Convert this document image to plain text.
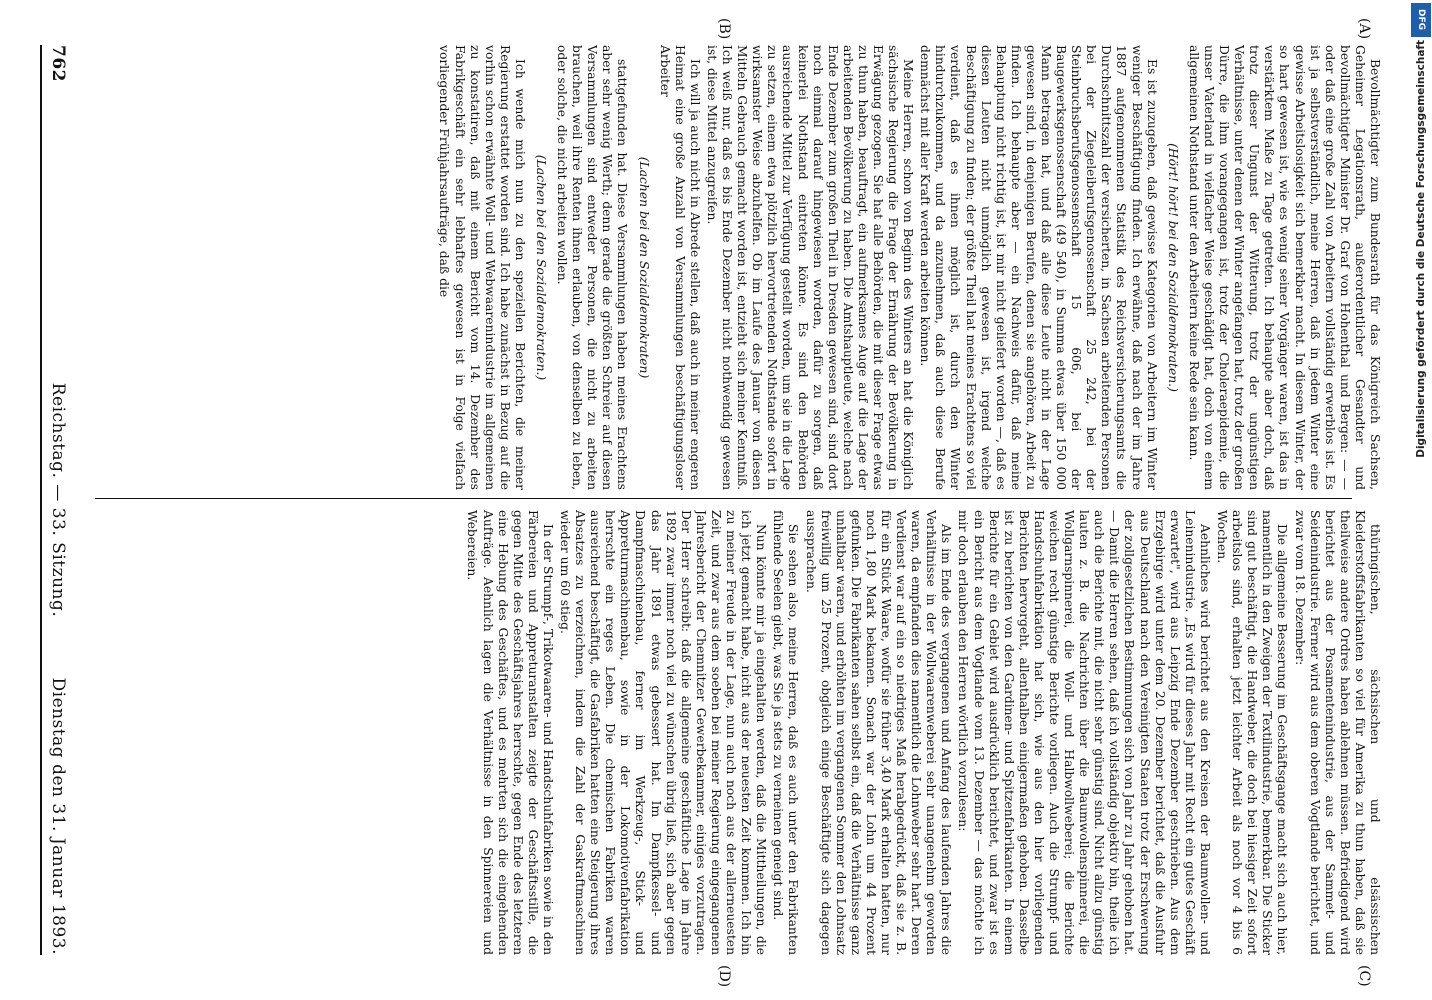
762
Reichstag. — 33. Sitzung.
Dienstag den 31. Januar 1893.
(A)
(B)
(C)
(D)

Bevollmächtigter zum Bundesrath für das Königreich Sachsen, Geheimer Legationsrath, außerordentlicher Gesandter und bevollmächtigter Minister Dr. Graf von Hohenthal und Bergen: — — oder daß eine große Zahl von Arbeitern vollständig erwerblos ist. Es ist ja selbstverständlich, meine Herren, daß in jedem Winter eine gewisse Arbeitslosigkeit sich bemerkbar macht. In diesem Winter, der so hart gewesen ist, wie es wenig seiner Vorgänger waren, ist das in verstärktem Maße zu Tage getreten. Ich behaupte aber doch, daß trotz dieser Ungunst der Witterung, trotz der ungünstigen Verhältnisse, unter denen der Winter angefangen hat, trotz der großen Dürre, die ihm vorangegangen ist, trotz der Choleraepidemie, die unser Vaterland in vielfacher Weise geschädigt hat, doch von einem allgemeinen Nothstand unter den Arbeitern keine Rede sein kann.

(Hört! hört! bei den Sozialdemokraten.)

Es ist zuzugeben, daß gewisse Kategorien von Arbeitern im Winter weniger Beschäftigung finden. Ich erwähne, daß nach der im Jahre 1887 aufgenommenen Statistik des Reichsversicherungsamts die Durchschnittszahl der versicherten, in Sachsen arbeitenden Personen bei der Ziegeleiberufsgenossenschaft 25 242, bei der Steinbruchsberufsgenossenschaft 15 606, bei der Baugewerksgenossenschaft (49 540), in Summa etwas über 150 000 Mann betragen hat, und daß alle diese Leute nicht in der Lage gewesen sind, in denjenigen Berufen, denen sie angehören, Arbeit zu finden. Ich behaupte aber — ein Nachweis dafür, daß meine Behauptung nicht richtig ist, ist mir nicht geliefert worden —, daß es diesen Leuten nicht unmöglich gewesen ist, irgend welche Beschäftigung zu finden; der größte Theil hat meines Erachtens so viel verdient, daß es ihnen möglich ist, durch den Winter hindurchzukommen, und da anzunehmen, daß auch diese Berufe demnächst mit aller Kraft werden arbeiten können.

Meine Herren, schon von Beginn des Winters an hat die Königlich sächsische Regierung die Frage der Ernährung der Bevölkerung in Erwägung gezogen. Sie hat alle Behörden, die mit dieser Frage etwas zu thun haben, beauftragt, ein aufmerksames Auge auf die Lage der arbeitenden Bevölkerung zu haben. Die Amtshauptleute, welche nach Ende Dezember zum großen Theil in Dresden gewesen sind, sind dort noch einmal darauf hingewiesen worden, dafür zu sorgen, daß keinerlei Nothstand eintreten könne. Es sind den Behörden ausreichende Mittel zur Verfügung gestellt worden, um sie in die Lage zu setzen, einem etwa plötzlich hervortretenden Nothstande sofort in wirksamster Weise abzuhelfen. Ob im Laufe des Januar von diesen Mitteln Gebrauch gemacht worden ist, entzieht sich meiner Kenntniß. Ich weiß nur, daß es bis Ende Dezember nicht nothwendig gewesen ist, diese Mittel anzugreifen.

Ich will ja auch nicht in Abrede stellen, daß auch in meiner engeren Heimat eine große Anzahl von Versammlungen beschäftigungsloser Arbeiter

(Lachen bei den Sozialdemokraten)

stattgefunden hat. Diese Versammlungen haben meines Erachtens aber sehr wenig Werth; denn gerade die größten Schreier auf diesen Versammlungen sind entweder Personen, die nicht zu arbeiten brauchen, weil ihre Renten ihnen erlauben, von denselben zu leben, oder solche, die nicht arbeiten wollen.

(Lachen bei den Sozialdemokraten.)

Ich wende mich nun zu den speziellen Berichten, die meiner Regierung erstattet worden sind. Ich habe zunächst in Bezug auf die vorhin schon erwähnte Woll- und Webwaarenindustrie im allgemeinen zu konstatiren, daß mit einem Bericht vom 14. Dezember des Fabrikgeschäft ein sehr lebhaftes gewesen ist in Folge vielfach vorliegender Frühjahrsaufträge, daß die

thüringischen, sächsischen und elsässischen Kleiderstoffsfabrikanten so viel für Amerika zu thun haben, daß sie theilweise andere Ordres haben ablehnen müssen. Befriedigend wird berichtet aus der Posamentenindustrie, aus der Sammet- und Seidenindustrie. Ferner wird aus dem oberen Vogtlande berichtet, und zwar vom 18. Dezember:

Die allgemeine Besserung im Geschäftsgange macht sich auch hier, namentlich in den Zweigen der Textilindustrie, bemerkbar. Die Sticker sind gut beschäftigt, die Handweber, die doch bei hiesiger Zeit sofort arbeitslos sind, erhalten jetzt leichter Arbeit als noch vor 4 bis 6 Wochen.

Aehnliches wird berichtet aus den Kreisen der Baumwollen- und Leinenindustrie. „Es wird für dieses Jahr mit Recht ein gutes Geschäft erwartet", wird aus Leipzig Ende Dezember geschrieben. Aus dem Erzgebirge wird unter dem 20. Dezember berichtet, daß die Ausfuhr aus Deutschland nach den Vereinigten Staaten trotz der Erschwerung der zollgesetzlichen Bestimmungen sich von Jahr zu Jahr gehoben hat. — Damit die Herren sehen, daß ich vollständig objektiv bin, theile ich auch die Berichte mit, die nicht sehr günstig sind. Nicht allzu günstig lauten z. B. die Nachrichten über die Baumwollenspinnerei, die Wollgarnspinnerei, die Woll- und Halbwollweberei; die Berichte weichen recht günstige Berichte vorliegen. Auch die Strumpf- und Handschuhfabrikation hat sich, wie aus den hier vorliegenden Berichten hervorgeht, allenthalben einigermaßen gehoben. Dasselbe ist zu berichten von den Gardinen- und Spitzenfabrikanten. In einem Berichte für ein Gebiet wird ausdrücklich berichtet, und zwar ist es ein Bericht aus dem Vogtlande vom 13. Dezember — das möchte ich mir doch erlauben den Herren wörtlich vorzulesen:

Als im Ende des vergangenen und Anfang des laufenden Jahres die Verhältnisse in der Wollwaarenweberei sehr unangenehm geworden waren, da empfanden dies namentlich die Lohnweber sehr hart. Deren Verdienst war auf ein so niedriges Maß herabgedrückt, daß sie z. B. für ein Stück Waare, wofür sie früher 3,40 Mark erhalten hatten, nur noch 1,80 Mark bekamen. Sonach war der Lohn um 44 Prozent gefunken. Die Fabrikanten sahen selbst ein, daß die Verhältnisse ganz unhaltbar waren, und erhöhten im vergangenen Sommer den Lohnsatz freiwillig um 25 Prozent, obgleich einige Beschäftigte sich dagegen aussprachen.

Sie sehen also, meine Herren, daß es auch unter den Fabrikanten fühlende Seelen giebt, was Sie ja stets zu verneinen geneigt sind.

Nun könnte mir ja eingehalten werden, daß die Mittheilungen, die ich jetzt gemacht habe, nicht aus der neuesten Zeit kommen. Ich bin zu meiner Freude in der Lage, nun auch noch aus der allerneuesten Zeit, und zwar aus dem soeben bei meiner Regierung eingegangenen Jahresbericht der Chemnitzer Gewerbekammer, einiges vorzutragen. Der Herr schreibt: daß die allgemeine geschäftliche Lage im Jahre 1892 zwar immer noch viel zu wünschen übrig ließ, sich aber gegen das Jahr 1891 etwas gebessert hat. Im Dampfkessel- und Dampfmaschinenbau, ferner im Werkzeug-, Stick- und Appreturmaschinenbau, sowie in der Lokomotivenfabrikation herrschte ein reges Leben. Die chemischen Fabriken waren ausreichend beschäftigt, die Gasfabriken hatten eine Steigerung ihres Absatzes zu verzeichnen, indem die Zahl der Gaskraftmaschinen wieder um 60 stieg.

In der Strumpf-, Trikotwaaren- und Handschuhfabriken sowie in den Färbereien und Appreturanstalten zeigte der Geschäftsstille, die gegen Mitte des Geschäftsjahres herrschte, gegen Ende des letzteren eine Hebung des Geschäftes, und es mehrten sich die eingehenden Aufträge. Aehnlich lagen die Verhältnisse in den Spinnereien und Webereien.

DFG
Digitalisierung gefördert durch die Deutsche Forschungsgemeinschaft
